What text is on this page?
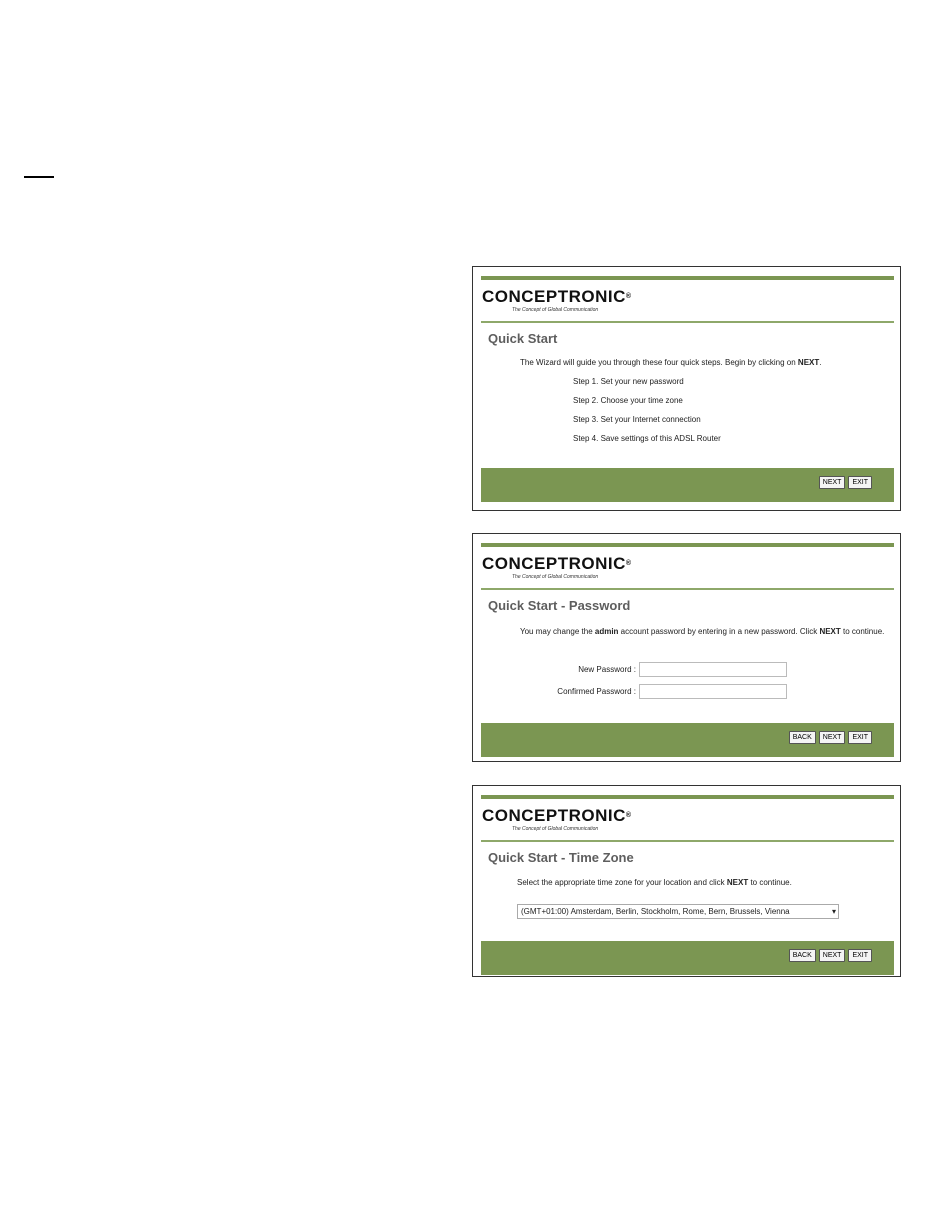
CONCEPTRONIC®
The Concept of Global Communication
Quick Start
The Wizard will guide you through these four quick steps. Begin by clicking on NEXT.
Step 1. Set your new password
Step 2. Choose your time zone
Step 3. Set your Internet connection
Step 4. Save settings of this ADSL Router
NEXT	EXIT
CONCEPTRONIC®
The Concept of Global Communication
Quick Start - Password
You may change the admin account password by entering in a new password. Click NEXT to continue.
New Password :
Confirmed Password :
BACK	NEXT	EXIT
CONCEPTRONIC®
The Concept of Global Communication
Quick Start - Time Zone
Select the appropriate time zone for your location and click NEXT to continue.
(GMT+01:00) Amsterdam, Berlin, Stockholm, Rome, Bern, Brussels, Vienna	▾
BACK	NEXT	EXIT
